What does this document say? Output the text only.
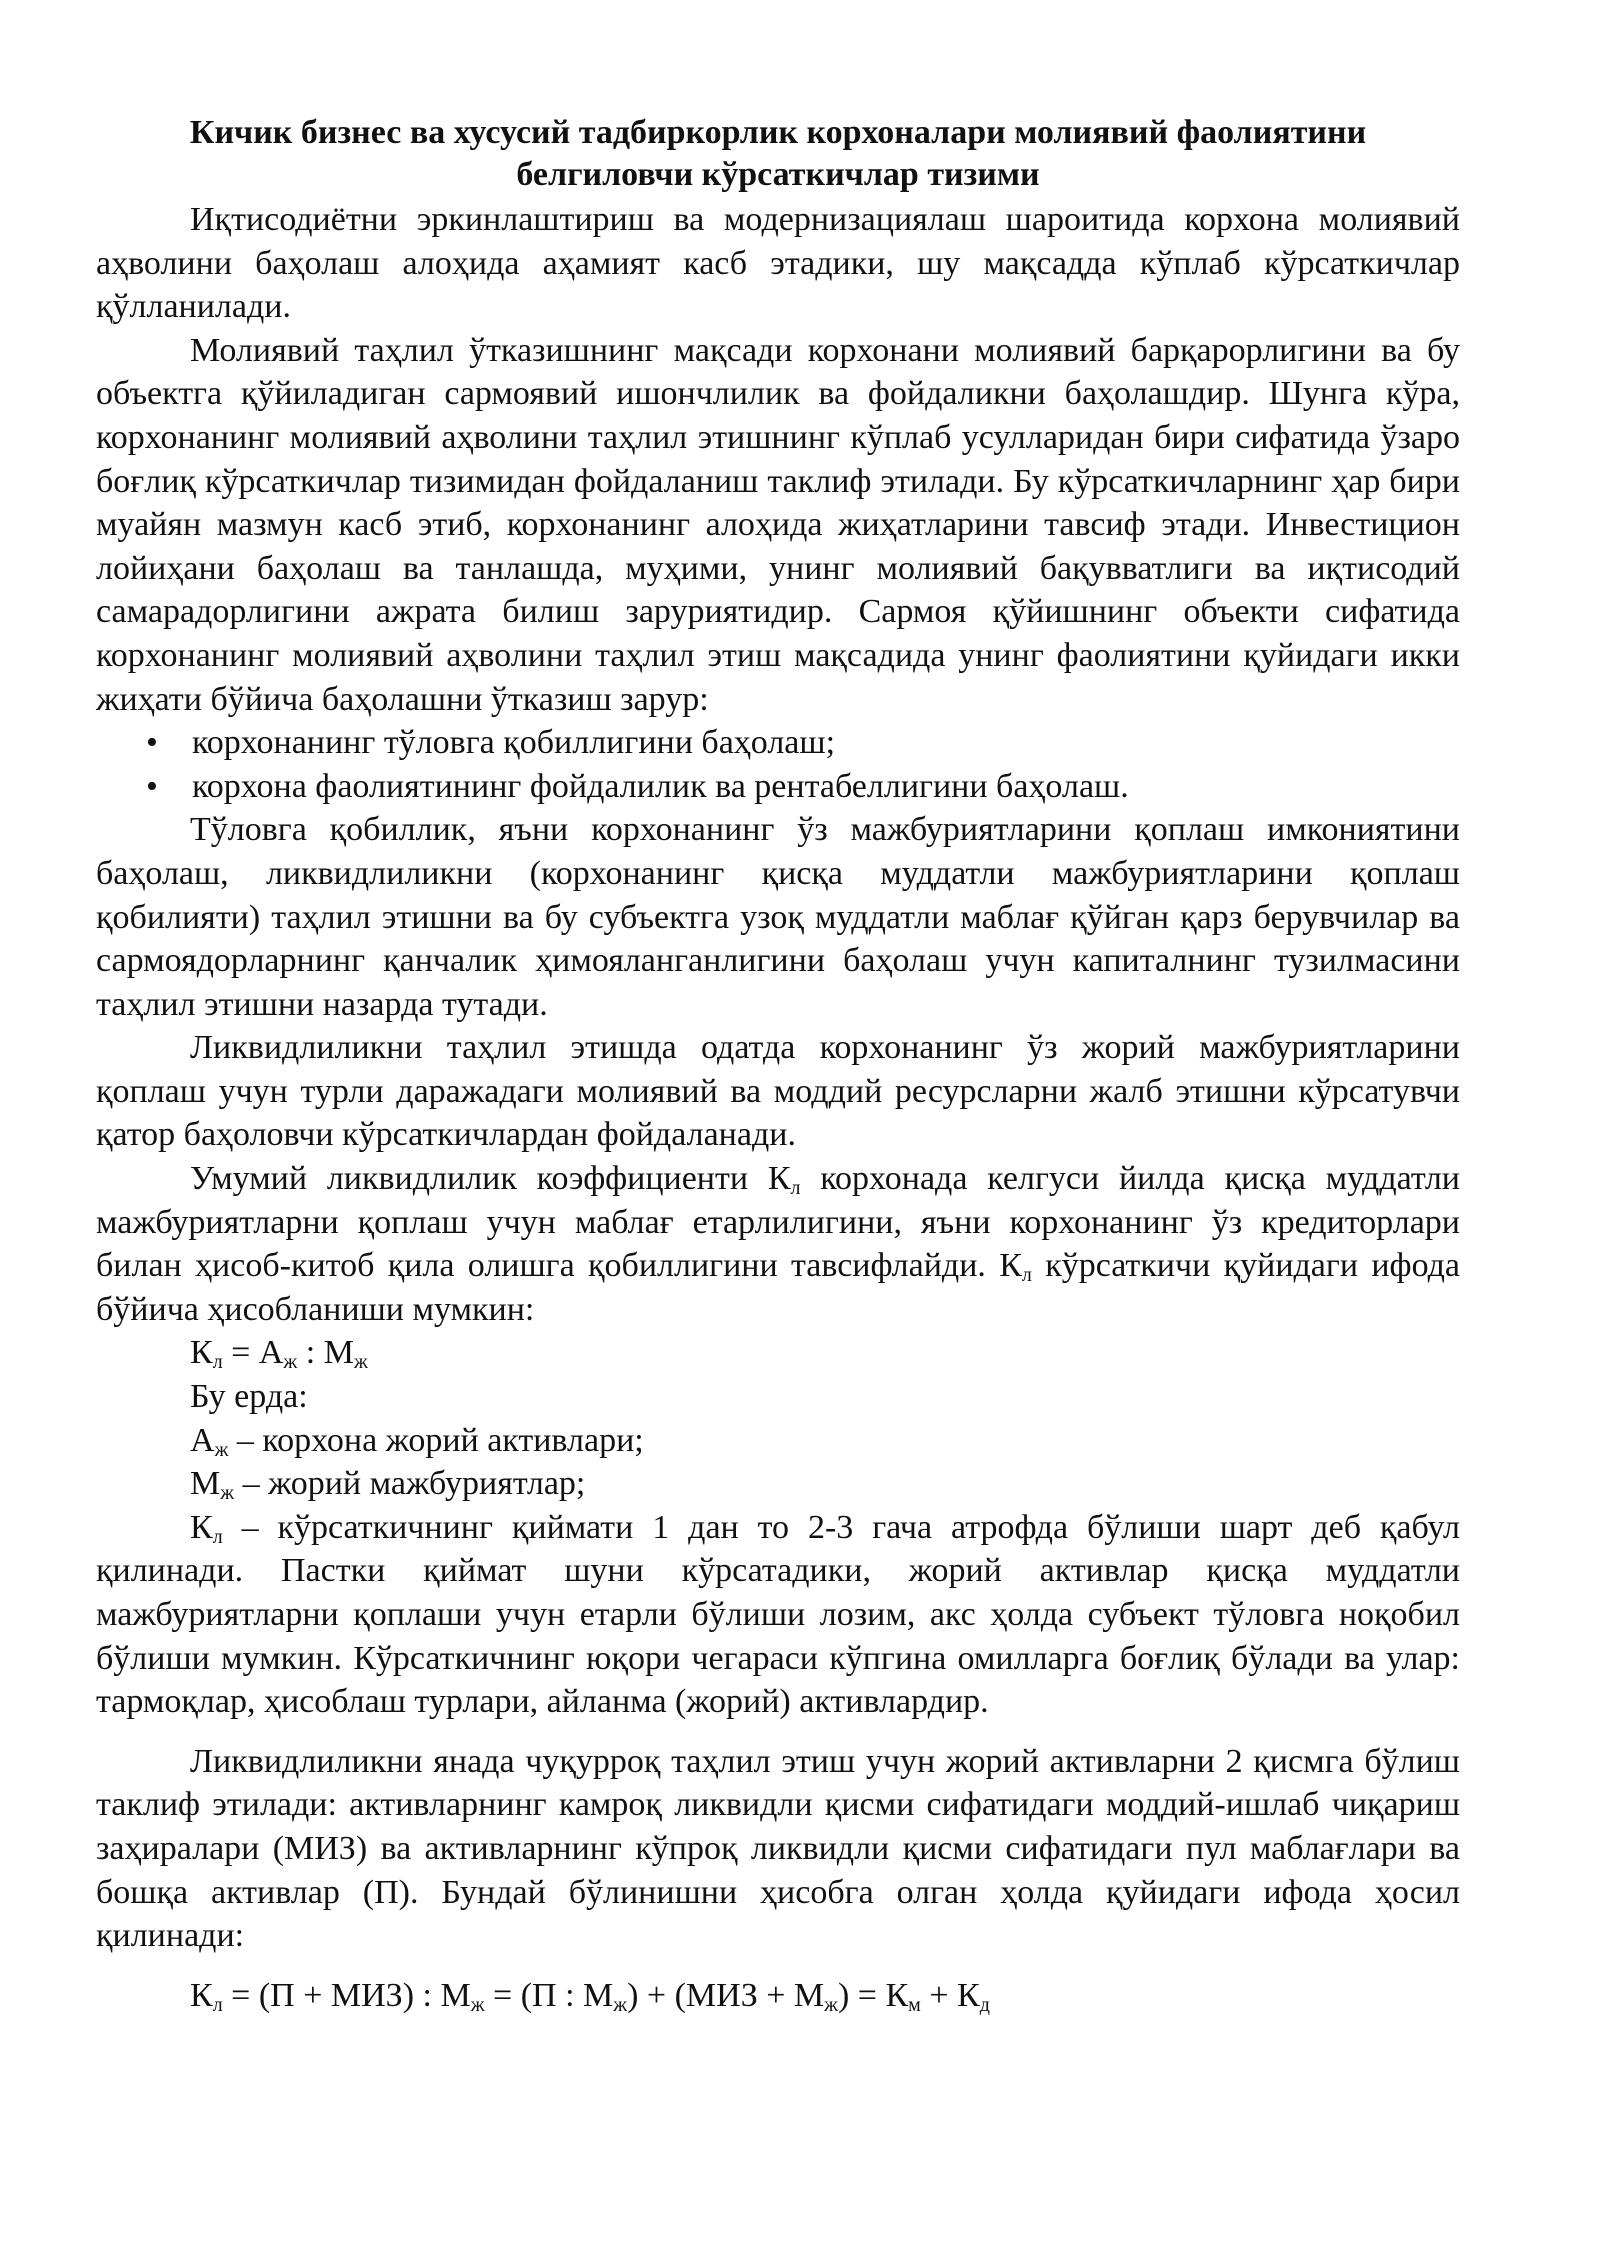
Кичик бизнес ва хусусий тадбиркорлик корхоналари молиявий фаолиятини
белгиловчи кўрсаткичлар тизими

Иқтисодиётни эркинлаштириш ва модернизациялаш шароитида корхона молиявий аҳволини баҳолаш алоҳида аҳамият касб этадики, шу мақсадда кўплаб кўрсаткичлар қўлланилади.

Молиявий таҳлил ўтказишнинг мақсади корхонани молиявий барқарорлигини ва бу объектга қўйиладиган сармоявий ишончлилик ва фойдаликни баҳолашдир. Шунга кўра, корхонанинг молиявий аҳволини таҳлил этишнинг кўплаб усулларидан бири сифатида ўзаро боғлиқ кўрсаткичлар тизимидан фойдаланиш таклиф этилади. Бу кўрсаткичларнинг ҳар бири муайян мазмун касб этиб, корхонанинг алоҳида жиҳатларини тавсиф этади. Инвестицион лойиҳани баҳолаш ва танлашда, муҳими, унинг молиявий бақувватлиги ва иқтисодий самарадорлигини ажрата билиш заруриятидир. Сармоя қўйишнинг объекти сифатида корхонанинг молиявий аҳволини таҳлил этиш мақсадида унинг фаолиятини қуйидаги икки жиҳати бўйича баҳолашни ўтказиш зарур:

• корхонанинг тўловга қобиллигини баҳолаш;
• корхона фаолиятининг фойдалилик ва рентабеллигини баҳолаш.

Тўловга қобиллик, яъни корхонанинг ўз мажбуриятларини қоплаш имкониятини баҳолаш, ликвидлиликни (корхонанинг қисқа муддатли мажбуриятларини қоплаш қобилияти) таҳлил этишни ва бу субъектга узоқ муддатли маблағ қўйган қарз берувчилар ва сармоядорларнинг қанчалик ҳимояланганлигини баҳолаш учун капиталнинг тузилмасини таҳлил этишни назарда тутади.

Ликвидлиликни таҳлил этишда одатда корхонанинг ўз жорий мажбуриятларини қоплаш учун турли даражадаги молиявий ва моддий ресурсларни жалб этишни кўрсатувчи қатор баҳоловчи кўрсаткичлардан фойдаланади.

Умумий ликвидлилик коэффициенти $К_л$ корхонада келгуси йилда қисқа муддатли мажбуриятларни қоплаш учун маблағ етарлилигини, яъни корхонанинг ўз кредиторлари билан ҳисоб-китоб қила олишга қобиллигини тавсифлайди. $К_л$ кўрсаткичи қуйидаги ифода бўйича ҳисобланиши мумкин:

$К_л = А_ж$ : $М_ж$
Бу ерда:
$А_ж$ – корхона жорий активлари;
$М_ж$ – жорий мажбуриятлар;

$К_л$ – кўрсаткичнинг қиймати 1 дан то 2-3 гача атрофда бўлиши шарт деб қабул қилинади. Пастки қиймат шуни кўрсатадики, жорий активлар қисқа муддатли мажбуриятларни қоплаши учун етарли бўлиши лозим, акс ҳолда субъект тўловга ноқобил бўлиши мумкин. Кўрсаткичнинг юқори чегараси кўпгина омилларга боғлиқ бўлади ва улар: тармоқлар, ҳисоблаш турлари, айланма (жорий) активлардир.

Ликвидлиликни янада чуқурроқ таҳлил этиш учун жорий активларни 2 қисмга бўлиш таклиф этилади: активларнинг камроқ ликвидли қисми сифатидаги моддий-ишлаб чиқариш заҳиралари (МИЗ) ва активларнинг кўпроқ ликвидли қисми сифатидаги пул маблағлари ва бошқа активлар (П). Бундай бўлинишни ҳисобга олган ҳолда қуйидаги ифода ҳосил қилинади:

$К_л = (П + МИЗ)$ : $М_ж = (П$ : $М_ж) + (МИЗ + М_ж) = К_м + К_д$
